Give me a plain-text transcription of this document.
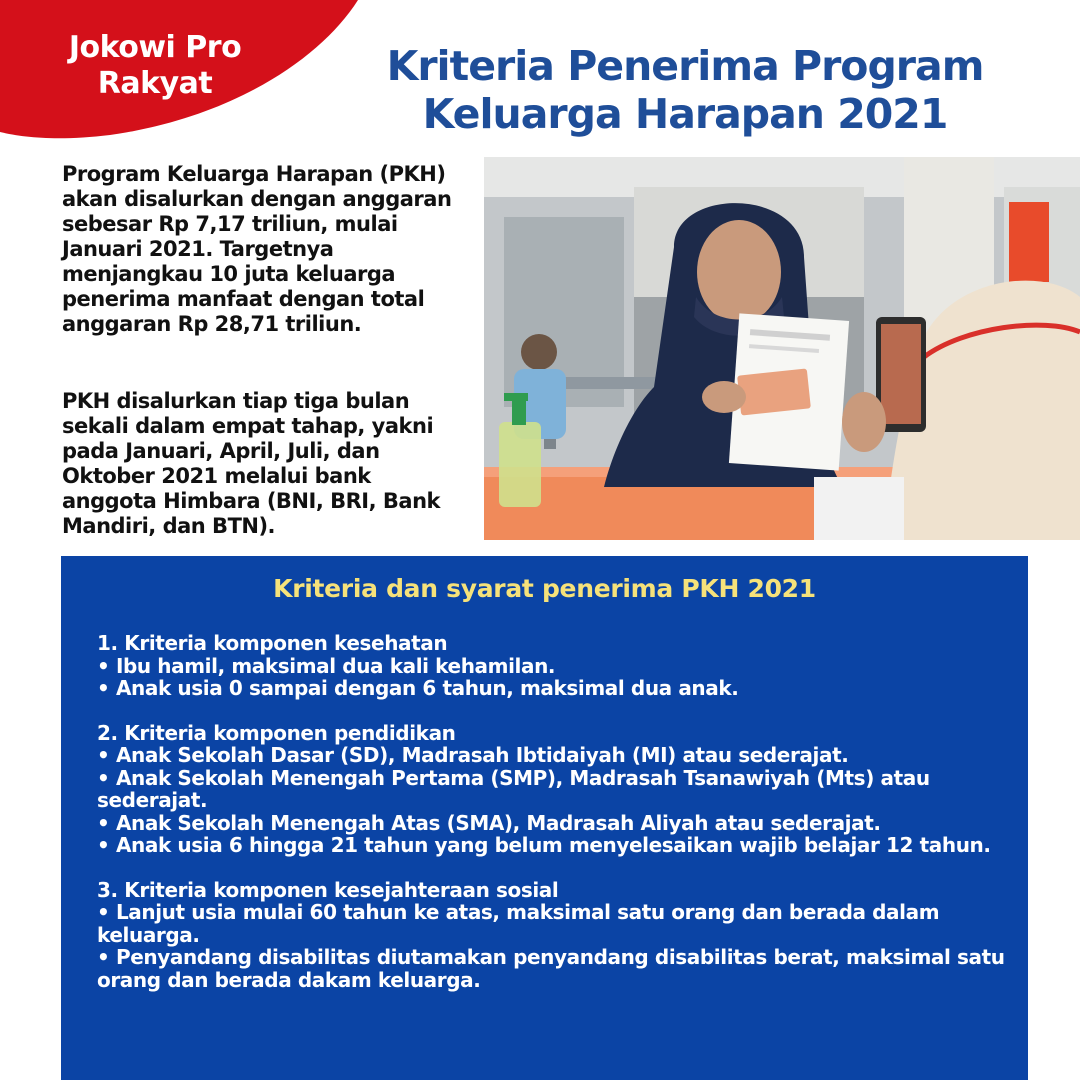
Jokowi Pro
Rakyat	Kriteria Penerima Program
Keluarga Harapan 2021

Program Keluarga Harapan (PKH) akan disalurkan dengan anggaran sebesar Rp 7,17 triliun, mulai Januari 2021. Targetnya menjangkau 10 juta keluarga penerima manfaat dengan total anggaran Rp 28,71 triliun.

PKH disalurkan tiap tiga bulan sekali dalam empat tahap, yakni pada Januari, April, Juli, dan Oktober 2021 melalui bank anggota Himbara (BNI, BRI, Bank Mandiri, dan BTN).

Kriteria dan syarat penerima PKH 2021
1. Kriteria komponen kesehatan
• Ibu hamil, maksimal dua kali kehamilan.
• Anak usia 0 sampai dengan 6 tahun, maksimal dua anak.
2. Kriteria komponen pendidikan
• Anak Sekolah Dasar (SD), Madrasah Ibtidaiyah (MI) atau sederajat.
• Anak Sekolah Menengah Pertama (SMP), Madrasah Tsanawiyah (Mts) atau sederajat.
• Anak Sekolah Menengah Atas (SMA), Madrasah Aliyah atau sederajat.
• Anak usia 6 hingga 21 tahun yang belum menyelesaikan wajib belajar 12 tahun.
3. Kriteria komponen kesejahteraan sosial
• Lanjut usia mulai 60 tahun ke atas, maksimal satu orang dan berada dalam keluarga.
• Penyandang disabilitas diutamakan penyandang disabilitas berat, maksimal satu orang dan berada dakam keluarga.
